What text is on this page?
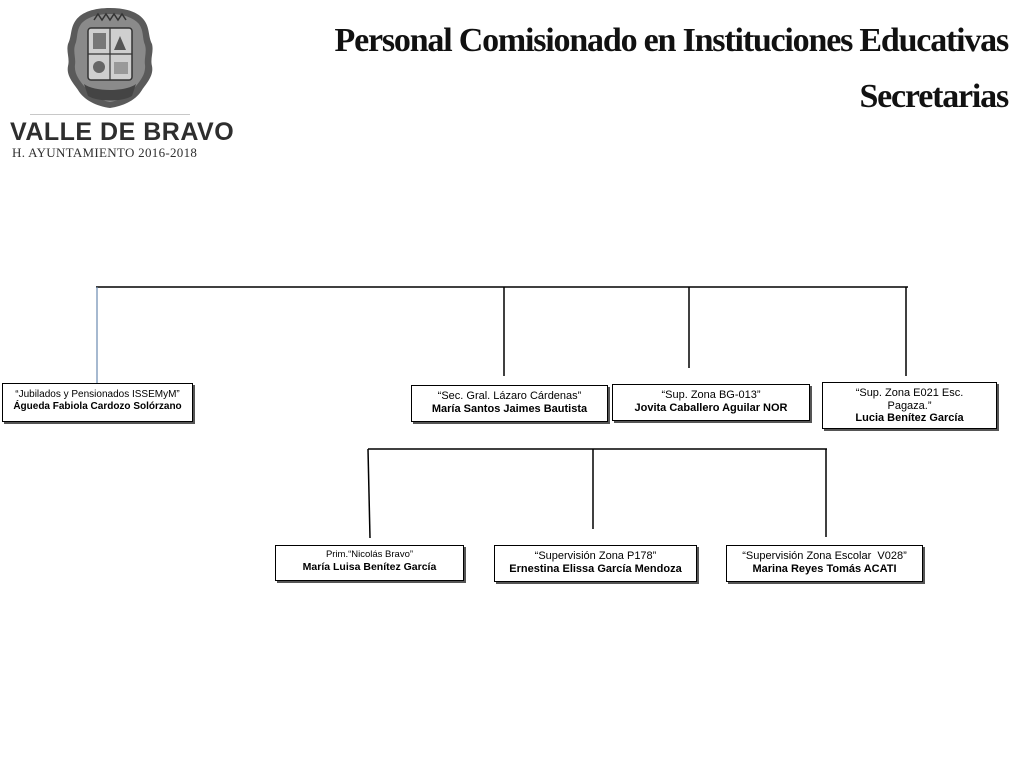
VALLE DE BRAVO
H. AYUNTAMIENTO 2016-2018
Personal Comisionado en Instituciones Educativas
Secretarias
“Jubilados y Pensionados ISSEMyM”
Águeda Fabiola Cardozo Solórzano
“Sec. Gral. Lázaro Cárdenas”
María Santos Jaimes Bautista
“Sup. Zona BG-013”
Jovita Caballero Aguilar NOR
“Sup. Zona E021 Esc. Pagaza.”
Lucia Benítez García
Prim.“Nicolás Bravo”
María Luisa Benítez García
“Supervisión Zona P178”
Ernestina Elissa García Mendoza
“Supervisión Zona Escolar  V028”
Marina Reyes Tomás ACATI
